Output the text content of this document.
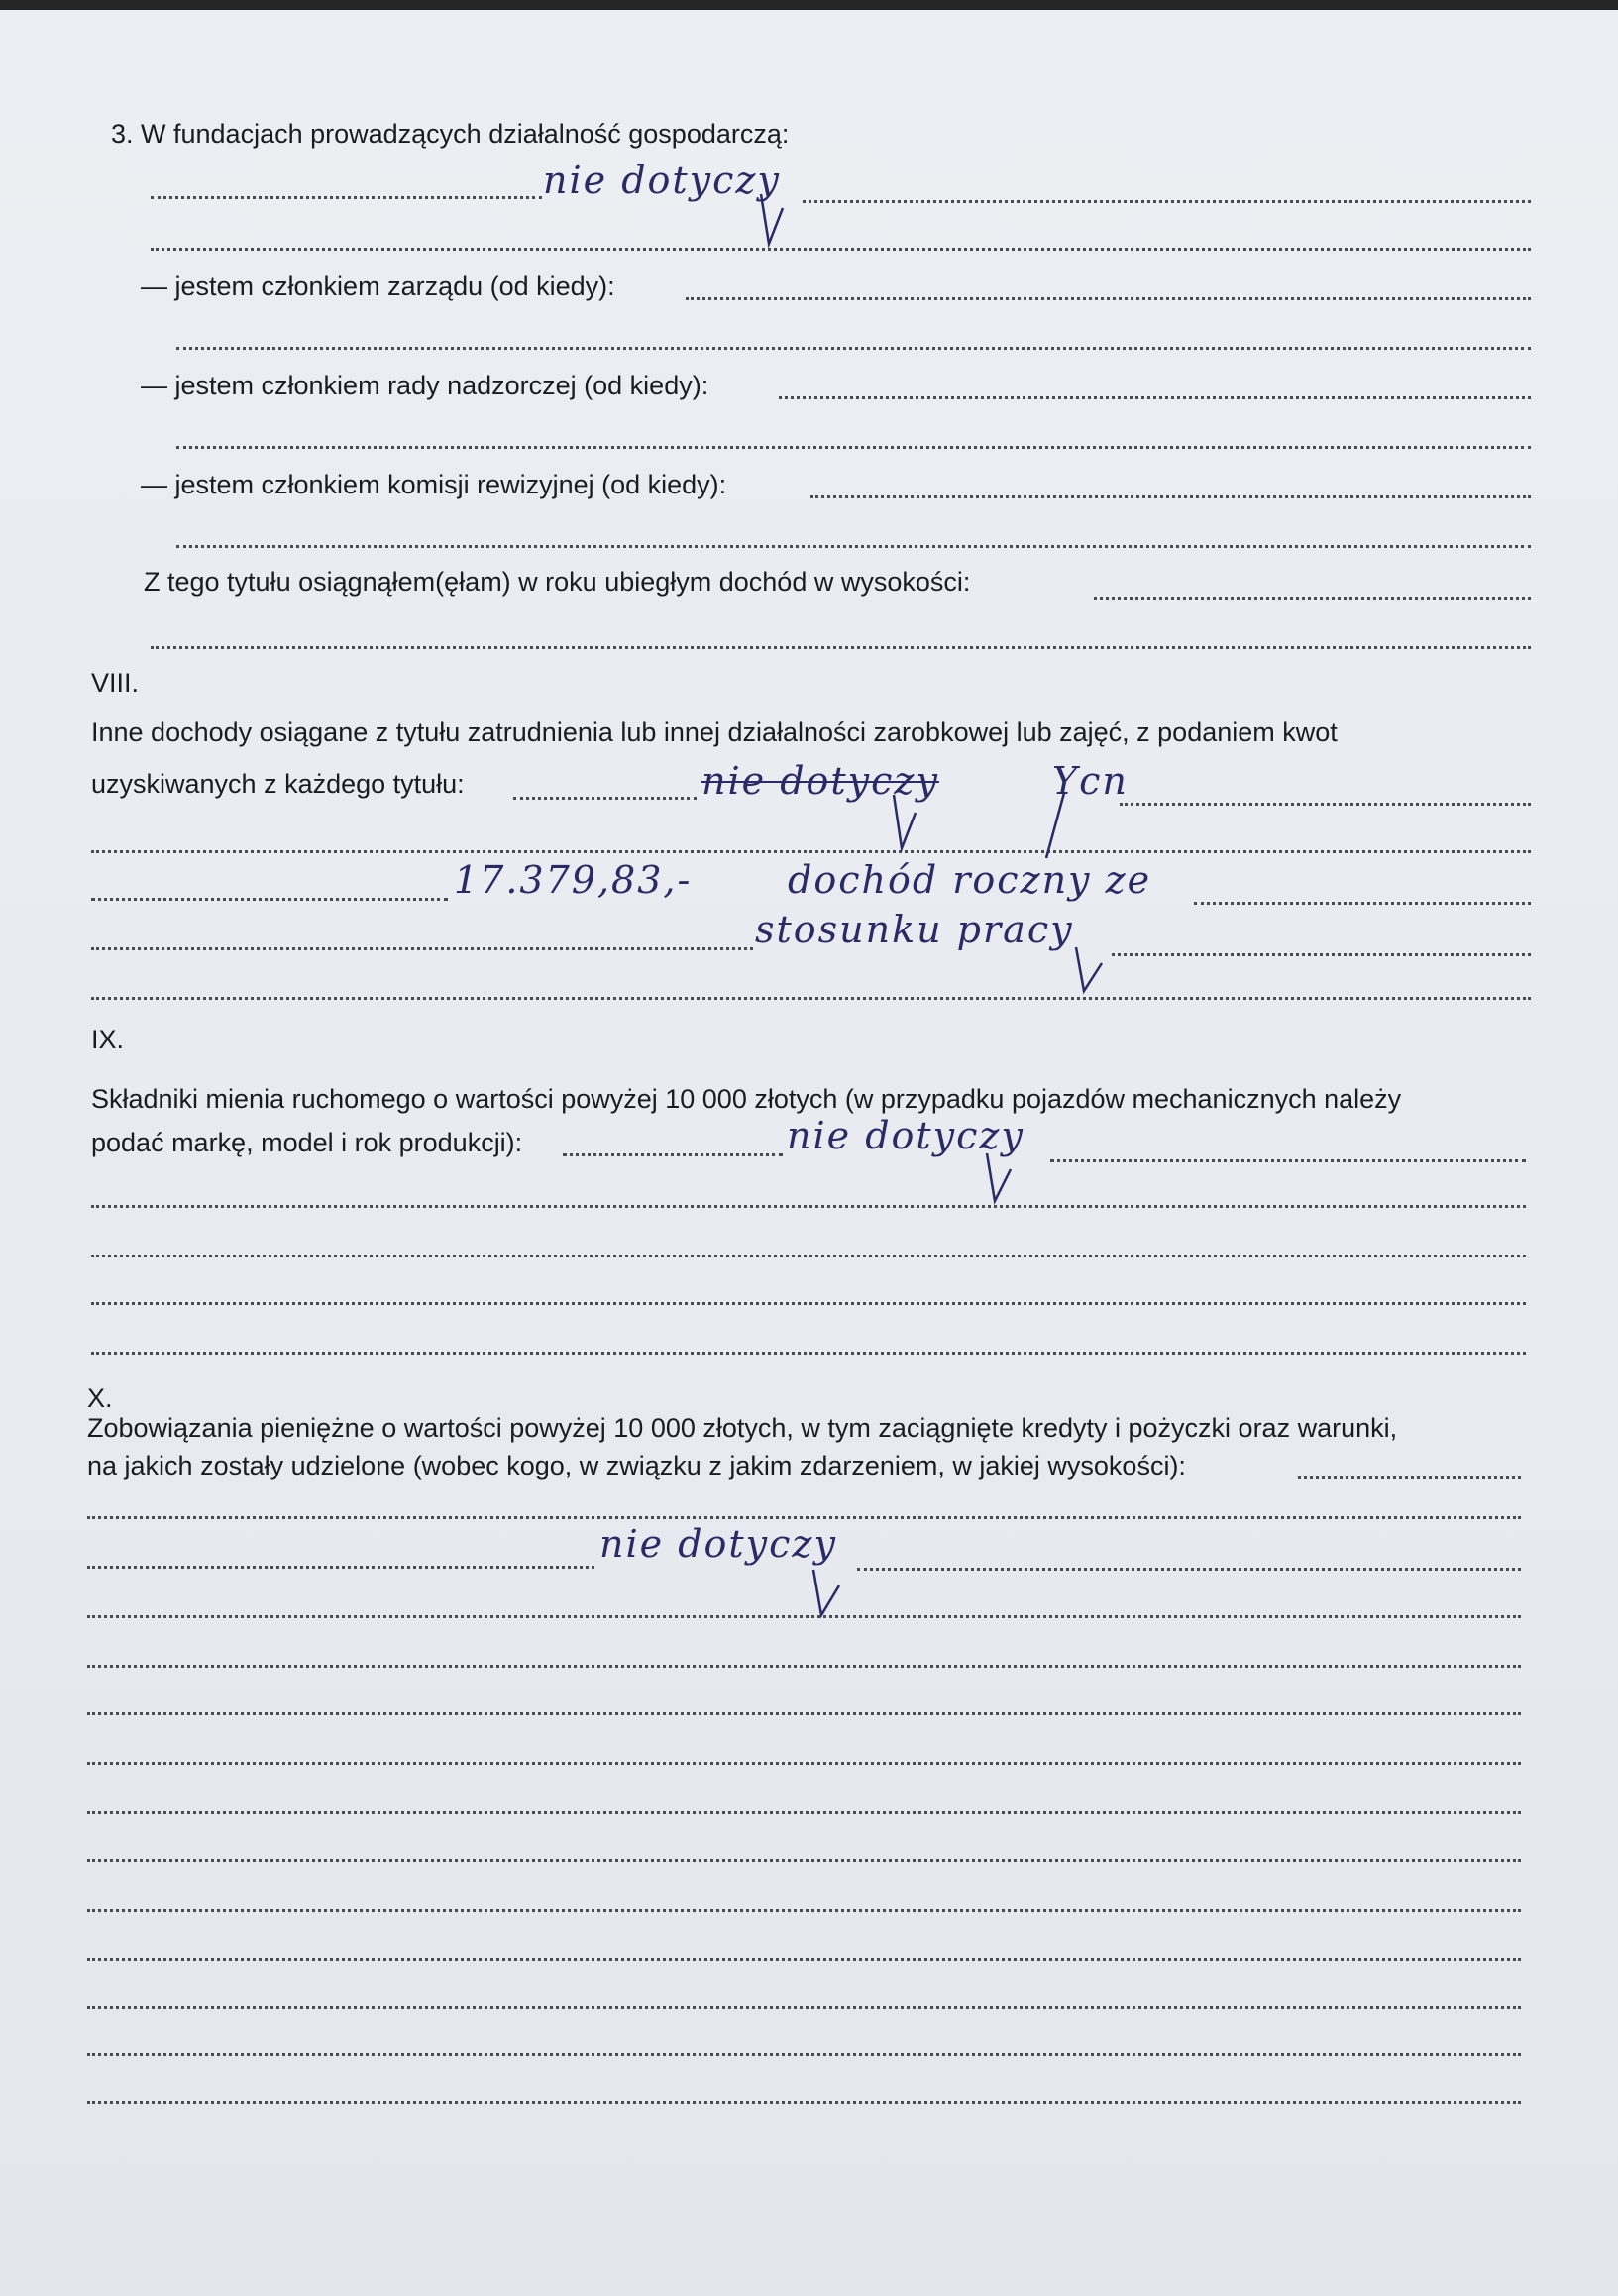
3. W fundacjach prowadzących działalność gospodarczą:
nie dotyczy
— jestem członkiem zarządu (od kiedy):
— jestem członkiem rady nadzorczej (od kiedy):
— jestem członkiem komisji rewizyjnej (od kiedy):
Z tego tytułu osiągnąłem(ęłam) w roku ubiegłym dochód w wysokości:
VIII.
Inne dochody osiągane z tytułu zatrudnienia lub innej działalności zarobkowej lub zajęć, z podaniem kwot
uzyskiwanych z każdego tytułu:	nie dotyczy	Ycn
17.379,83,-	dochód roczny ze
stosunku pracy
IX.
Składniki mienia ruchomego o wartości powyżej 10 000 złotych (w przypadku pojazdów mechanicznych należy
podać markę, model i rok produkcji):	nie dotyczy
X.
Zobowiązania pieniężne o wartości powyżej 10 000 złotych, w tym zaciągnięte kredyty i pożyczki oraz warunki,
na jakich zostały udzielone (wobec kogo, w związku z jakim zdarzeniem, w jakiej wysokości):
nie dotyczy
